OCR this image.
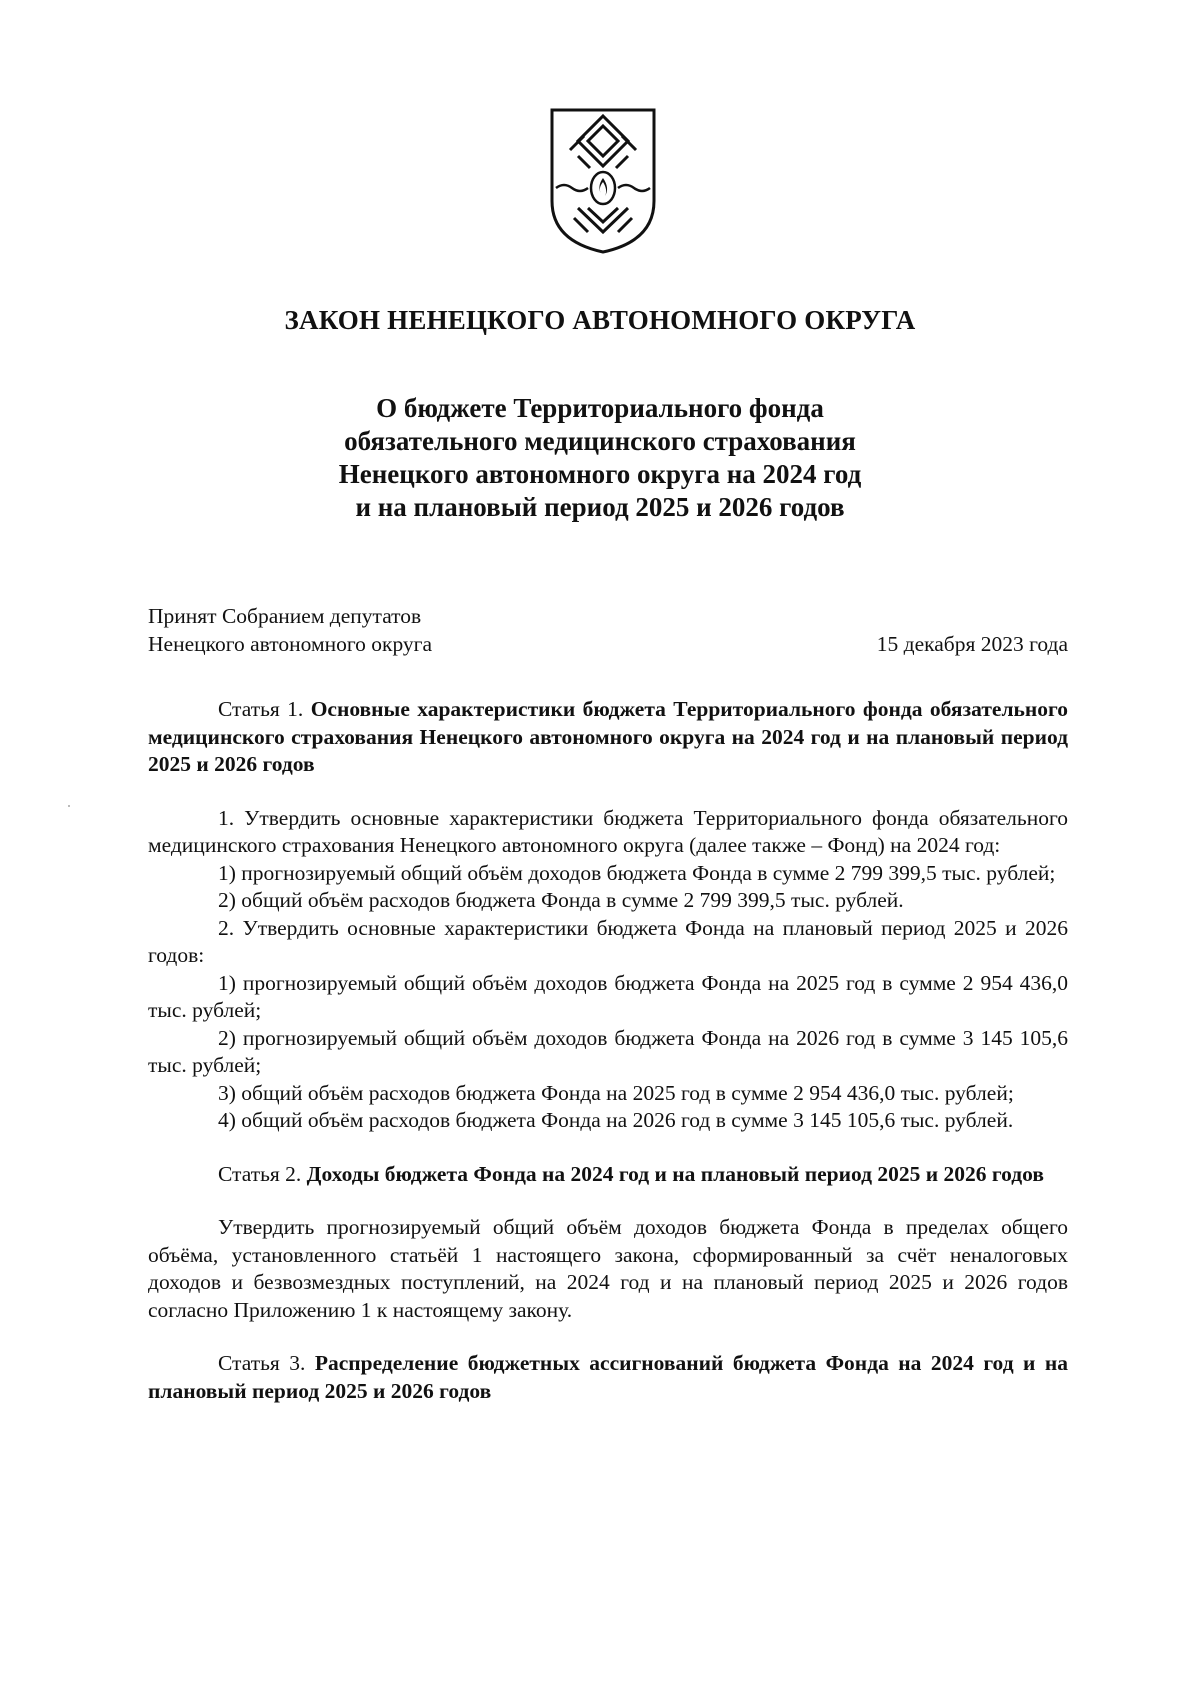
ЗАКОН НЕНЕЦКОГО АВТОНОМНОГО ОКРУГА
О бюджете Территориального фонда
обязательного медицинского страхования
Ненецкого автономного округа на 2024 год
и на плановый период 2025 и 2026 годов
Принят Собранием депутатов
Ненецкого автономного округа	15 декабря 2023 года

Статья 1. Основные характеристики бюджета Территориального фонда обязательного медицинского страхования Ненецкого автономного округа на 2024 год и на плановый период 2025 и 2026 годов

1. Утвердить основные характеристики бюджета Территориального фонда обязательного медицинского страхования Ненецкого автономного округа (далее также – Фонд) на 2024 год:

1) прогнозируемый общий объём доходов бюджета Фонда в сумме 2 799 399,5 тыс. рублей;

2) общий объём расходов бюджета Фонда в сумме 2 799 399,5 тыс. рублей.

2. Утвердить основные характеристики бюджета Фонда на плановый период 2025 и 2026 годов:

1) прогнозируемый общий объём доходов бюджета Фонда на 2025 год в сумме 2 954 436,0 тыс. рублей;

2) прогнозируемый общий объём доходов бюджета Фонда на 2026 год в сумме 3 145 105,6 тыс. рублей;

3) общий объём расходов бюджета Фонда на 2025 год в сумме 2 954 436,0 тыс. рублей;

4) общий объём расходов бюджета Фонда на 2026 год в сумме 3 145 105,6 тыс. рублей.

Статья 2. Доходы бюджета Фонда на 2024 год и на плановый период 2025 и 2026 годов

Утвердить прогнозируемый общий объём доходов бюджета Фонда в пределах общего объёма, установленного статьёй 1 настоящего закона, сформированный за счёт неналоговых доходов и безвозмездных поступлений, на 2024 год и на плановый период 2025 и 2026 годов согласно Приложению 1 к настоящему закону.

Статья 3. Распределение бюджетных ассигнований бюджета Фонда на 2024 год и на плановый период 2025 и 2026 годов
